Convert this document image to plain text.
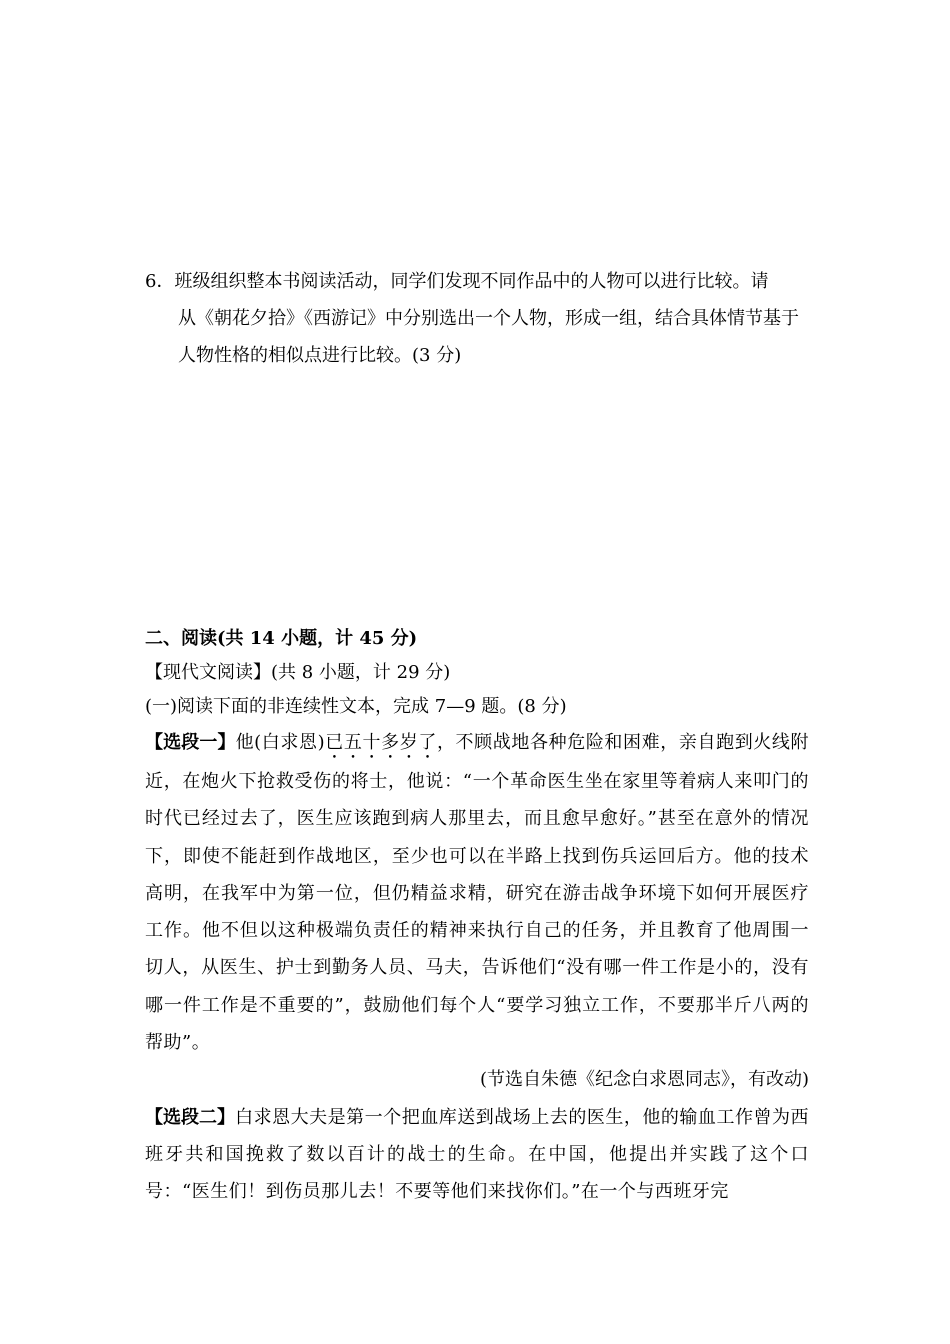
6．班级组织整本书阅读活动，同学们发现不同作品中的人物可以进行比较。请
从《朝花夕拾》《西游记》中分别选出一个人物，形成一组，结合具体情节基于人物性格的相似点进行比较。(3 分)
二、阅读(共 14 小题，计 45 分)
【现代文阅读】(共 8 小题，计 29 分)
(一)阅读下面的非连续性文本，完成 7—9 题。(8 分)
【选段一】他(白求恩)已五十多岁了，不顾战地各种危险和困难，亲自跑到火线附近，在炮火下抢救受伤的将士，他说：“一个革命医生坐在家里等着病人来叩门的时代已经过去了，医生应该跑到病人那里去，而且愈早愈好。”甚至在意外的情况下，即使不能赶到作战地区，至少也可以在半路上找到伤兵运回后方。他的技术高明，在我军中为第一位，但仍精益求精，研究在游击战争环境下如何开展医疗工作。他不但以这种极端负责任的精神来执行自己的任务，并且教育了他周围一切人，从医生、护士到勤务人员、马夫，告诉他们“没有哪一件工作是小的，没有哪一件工作是不重要的”，鼓励他们每个人“要学习独立工作，不要那半斤八两的帮助”。
(节选自朱德《纪念白求恩同志》，有改动)
【选段二】白求恩大夫是第一个把血库送到战场上去的医生，他的输血工作曾为西班牙共和国挽救了数以百计的战士的生命。在中国，他提出并实践了这个口号：“医生们！到伤员那儿去！不要等他们来找你们。”在一个与西班牙完
